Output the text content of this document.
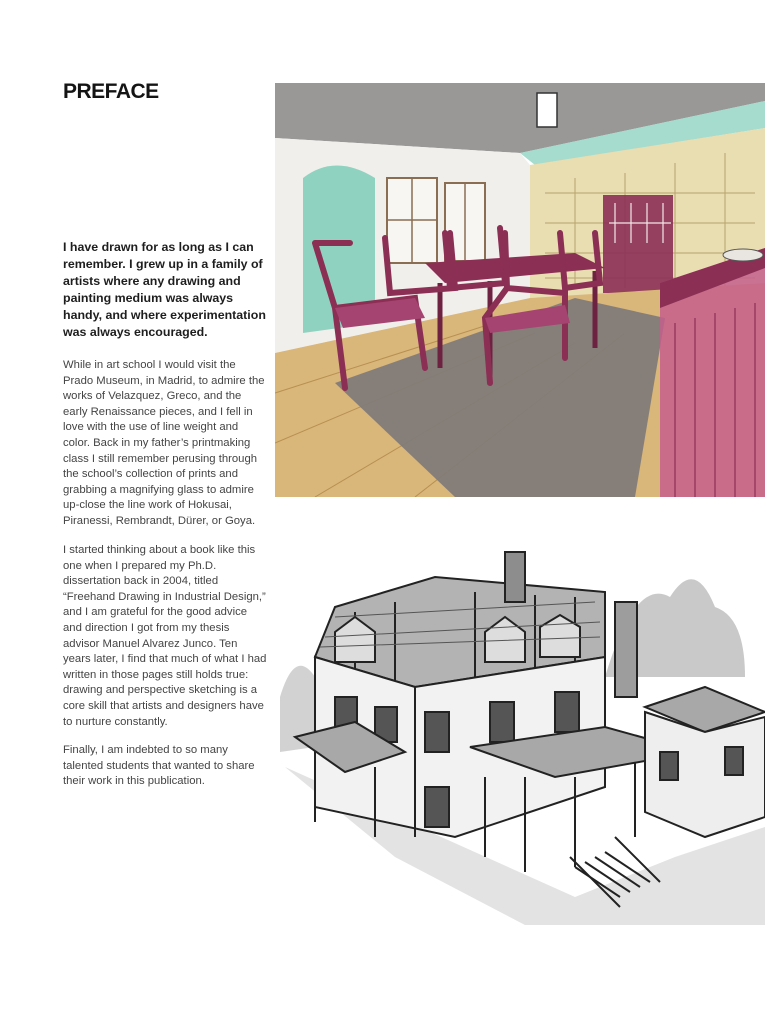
PREFACE

I have drawn for as long as I can remember. I grew up in a family of artists where any drawing and painting medium was always handy, and where experimentation was always encouraged.

While in art school I would visit the Prado Museum, in Madrid, to admire the works of Velazquez, Greco, and the early Renaissance pieces, and I fell in love with the use of line weight and color. Back in my father’s printmaking class I still remember perusing through the school’s collection of prints and grabbing a magnifying glass to admire up-close the line work of Hokusai, Piranessi, Rembrandt, Dürer, or Goya.

I started thinking about a book like this one when I prepared my Ph.D. dissertation back in 2004, titled “Freehand Drawing in Industrial Design,” and I am grateful for the good advice and direction I got from my thesis advisor Manuel Alvarez Junco. Ten years later, I find that much of what I had written in those pages still holds true: drawing and perspective sketching is a core skill that artists and designers have to nurture constantly.

Finally, I am indebted to so many talented students that wanted to share their work in this publication.
